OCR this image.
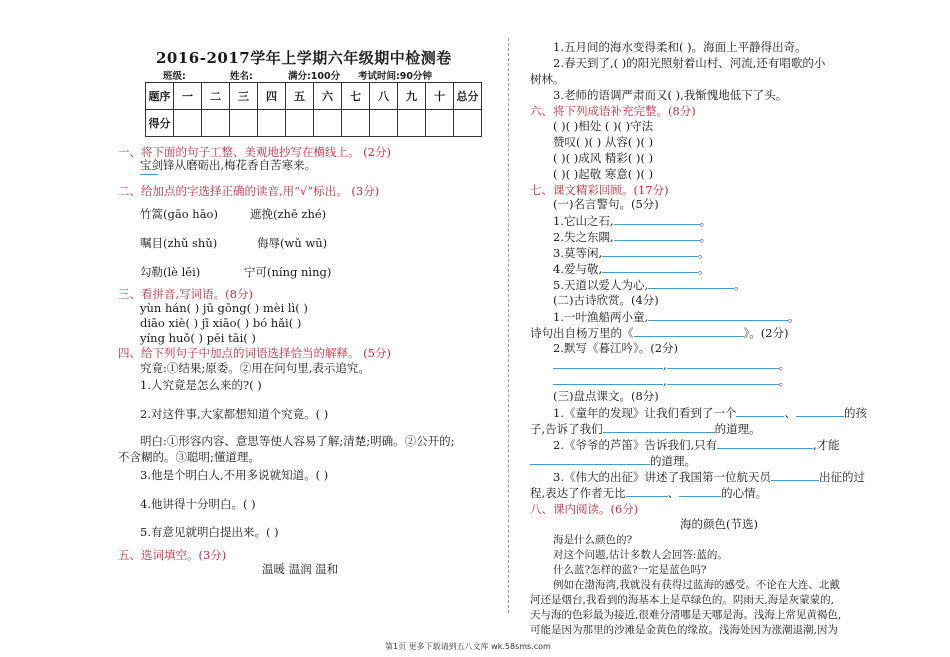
2016-2017学年上学期六年级期中检测卷
班级:	姓名:	满分:100分 考试时间:90分钟
题序	一	二	三	四	五	六	七	八	九	十	总分
得分											
一、将下面的句子工整、美观地抄写在横线上。 (2分)
宝剑锋从磨砺出,梅花香自苦寒来。
二、给加点的字选择正确的读音,用“√”标出。 (3分)
竹篙(gāo hāo)	遮挽(zhē zhé)
嘱目(zhǔ shǔ)	侮辱(wǔ wū)
勾勒(lè lēi)	宁可(níng nìng)
三、看拼音,写词语。(8分)
yùn hán( ) jū gōng( ) mèi lì( )
diāo xiè( ) jī xiāo( ) bó hǎi( )
yíng huǒ( ) pēi tāi( )
四、给下列句子中加点的词语选择恰当的解释。 (5分)
究竟:①结果;原委。②用在问句里,表示追究。
1.人究竟是怎么来的?( )
2.对这件事,大家都想知道个究竟。( )
明白:①形容内容、意思等使人容易了解;清楚;明确。②公开的;
不含糊的。③聪明;懂道理。
3.他是个明白人,不用多说就知道。( )
4.他讲得十分明白。( )
5.有意见就明白提出来。( )
五、选词填空。(3分)
温暖 温润 温和
1.五月间的海水变得柔和( )。海面上平静得出奇。
2.春天到了,( )的阳光照射着山村、河流,还有唱歌的小
树林。
3.老师的语调严肃而又( ),我惭愧地低下了头。
六、将下列成语补充完整。(8分)
( )( )相处 ( )( )守法
赞叹( )( ) 从容( )( )
( )( )成风 精彩( )( )
( )( )起敬 寒意( )( )
七、课文精彩回顾。(17分)
(一)名言警句。(5分)
1.它山之石,	。
2.失之东隅,	。
3.莫等闲,	。
4.爱与敬,	。
5.天道以爱人为心,	。
(二)古诗欣赏。(4分)
1.一叶渔船两小童,	。
诗句出自杨万里的《	》。(2分)
2.默写《暮江吟》。(2分)
,	。
,	。
(三)盘点课文。(8分)
1.《童年的发现》让我们看到了一个	、	的孩
子,告诉了我们	的道理。
2.《爷爷的芦笛》告诉我们,只有	,才能
的道理。
3.《伟大的出征》讲述了我国第一位航天员	出征的过
程,表达了作者无比	、	的心情。
八、课内阅读。(6分)
海的颜色(节选)
海是什么颜色的?
对这个问题,估计多数人会回答:蓝的。
什么蓝?怎样的蓝?一定是蓝色吗?
例如在渤海湾,我就没有获得过蓝海的感受。不论在大连、北戴
河还是烟台,我看到的海基本上是草绿色的。阴雨天,海是灰蒙蒙的,
天与海的色彩最为接近,很难分清哪是天哪是海。浅海上常见黄褐色,
可能是因为那里的沙滩是金黄色的缘故。浅海处因为涨潮退潮,因为
第1页 更多下载请到五八文库 wk.58sms.com
